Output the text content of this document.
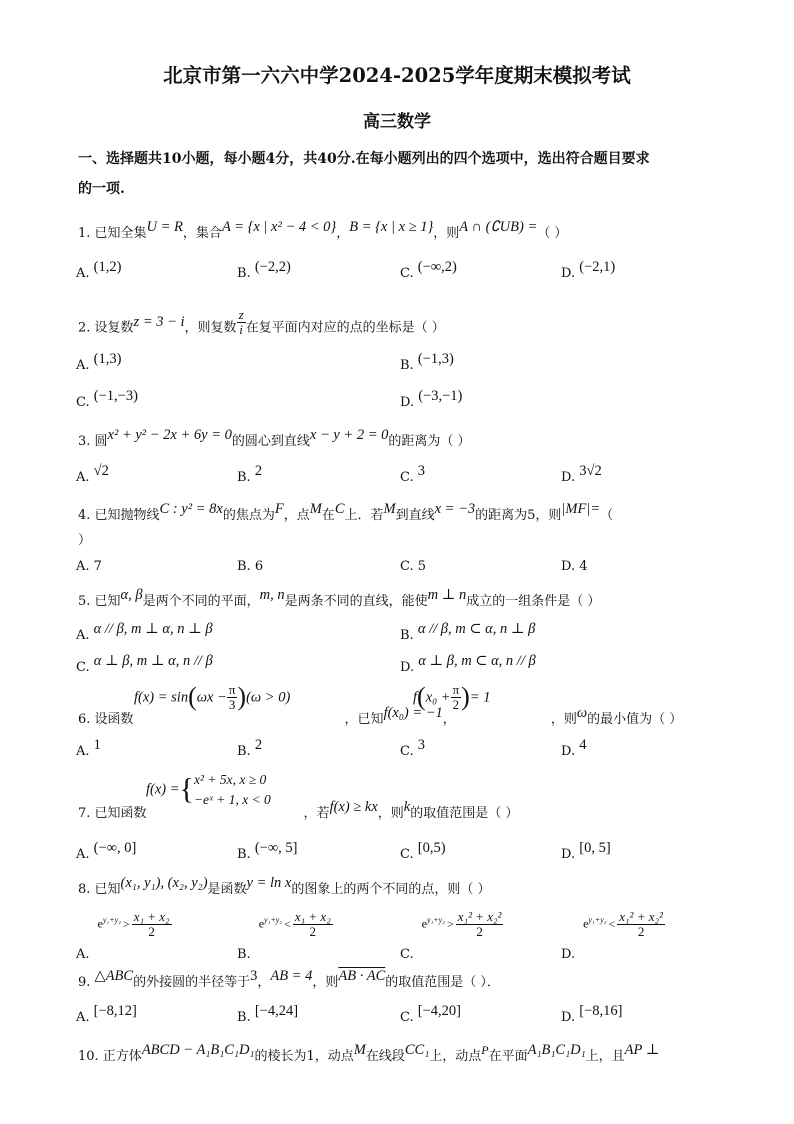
北京市第一六六中学2024-2025学年度期末模拟考试
高三数学
一、选择题共10小题，每小题4分，共40分.在每小题列出的四个选项中，选出符合题目要求
的一项.
1. 已知全集U = R，集合A = {x | x² − 4 < 0}，B = {x | x ≥ 1}，则A ∩ (∁UB) =（ ）
A. (1,2)	B. (−2,2)	C. (−∞,2)	D. (−2,1)
2. 设复数z = 3 − i，则复数 $\frac{z}{i}$ 在复平面内对应的点的坐标是（ ）
A. (1,3)	B. (−1,3)
C. (−1,−3)	D. (−3,−1)
3. 圆x² + y² − 2x + 6y = 0的圆心到直线x − y + 2 = 0的距离为（ ）
A. √2	B. 2	C. 3	D. 3√2
4. 已知抛物线C : y² = 8x的焦点为F，点M在C上．若M到直线x = −3的距离为5，则|MF|=（
）
A. 7	B. 6	C. 5	D. 4
5. 已知α, β是两个不同的平面，m, n是两条不同的直线，能使m ⊥ n成立的一组条件是（ ）
A. α // β, m ⊥ α, n ⊥ β	B. α // β, m ⊂ α, n ⊥ β
C. α ⊥ β, m ⊥ α, n // β	D. α ⊥ β, m ⊂ α, n // β
$f(x) = \sin(\omega x - \frac{\pi}{3} )(\omega > 0)$	$f(x_0 + \frac{\pi}{2}$ )= 1
6. 设函数	，已知f(x₀) = −1，	，则ω的最小值为（ ）
A. 1	B. 2	C. 3	D. 4
f(x) ={ x² + 5x, x ≥ 0
−eˣ + 1, x < 0
7. 已知函数	，若f(x) ≥ kx，则k的取值范围是（ ）
A. (−∞, 0]	B. (−∞, 5]	C. [0,5)	D. [0, 5]
8. 已知(x₁, y₁), (x₂, y₂)是函数y = ln x的图象上的两个不同的点，则（ ）
$A.e^{y_1+y_2} > \frac{\text{x₁ + x₂}}{2}$
$B.e^{y_1+y_2} < \frac{\text{x₁ + x₂}}{2}$
$C.e^{y_1+y_2} > \frac{\text{x₁² + x₂²}}{2}$
$D.e^{y_1+y_2} < \frac{\text{x₁² + x₂²}}{2}$
9. △ABC的外接圆的半径等于3，AB = 4，则AB · AC的取值范围是（ ）．
A. [−8,12]	B. [−4,24]	C. [−4,20]	D. [−8,16]
10. 正方体ABCD − A₁B₁C₁D₁的棱长为1，动点M在线段CC₁上，动点P在平面A₁B₁C₁D₁上，且AP ⊥
